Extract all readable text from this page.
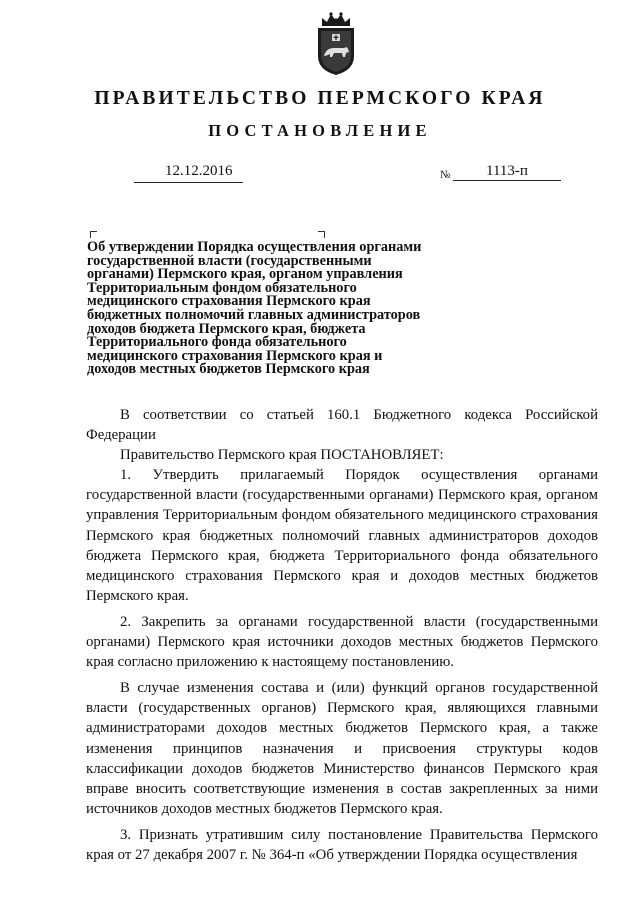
ПРАВИТЕЛЬСТВО ПЕРМСКОГО КРАЯ
ПОСТАНОВЛЕНИЕ
12.12.2016	№ 1113-п

Об утверждении Порядка осуществления органами государственной власти (государственными органами) Пермского края, органом управления Территориальным фондом обязательного медицинского страхования Пермского края бюджетных полномочий главных администраторов доходов бюджета Пермского края, бюджета Территориального фонда обязательного медицинского страхования Пермского края и доходов местных бюджетов Пермского края

В соответствии со статьей 160.1 Бюджетного кодекса Российской Федерации

Правительство Пермского края ПОСТАНОВЛЯЕТ:

1. Утвердить прилагаемый Порядок осуществления органами государственной власти (государственными органами) Пермского края, органом управления Территориальным фондом обязательного медицинского страхования Пермского края бюджетных полномочий главных администраторов доходов бюджета Пермского края, бюджета Территориального фонда обязательного медицинского страхования Пермского края и доходов местных бюджетов Пермского края.

2. Закрепить за органами государственной власти (государственными органами) Пермского края источники доходов местных бюджетов Пермского края согласно приложению к настоящему постановлению.

В случае изменения состава и (или) функций органов государственной власти (государственных органов) Пермского края, являющихся главными администраторами доходов местных бюджетов Пермского края, а также изменения принципов назначения и присвоения структуры кодов классификации доходов бюджетов Министерство финансов Пермского края вправе вносить соответствующие изменения в состав закрепленных за ними источников доходов местных бюджетов Пермского края.

3. Признать утратившим силу постановление Правительства Пермского края от 27 декабря 2007 г. № 364-п «Об утверждении Порядка осуществления
